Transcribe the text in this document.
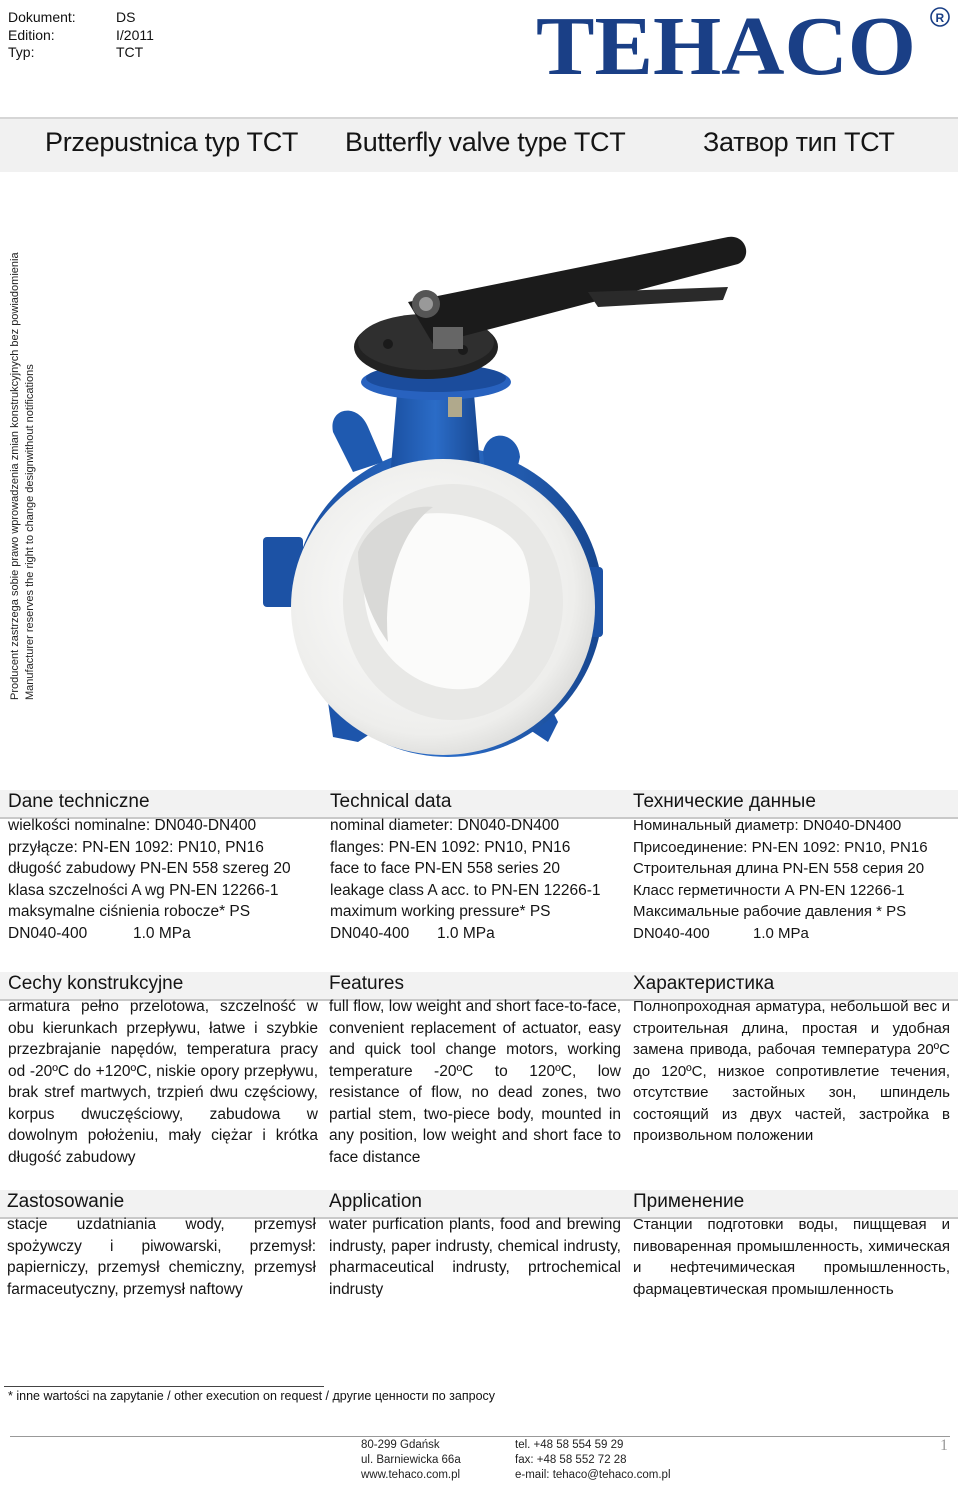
Dokument:	DS
Edition:	I/2011
Typ:	TCT	TEHACO R
Przepustnica typ TCT Butterfly valve type TCT	Затвор тип ТСТ
Producent zastrzega sobie prawo wprowadzenia zmian konstrukcyjnych bez powiadomienia Manufacturer reserves the right to change designwithout notifications
Dane techniczne
wielkości nominalne: DN040-DN400
przyłącze: PN-EN 1092: PN10, PN16
długość zabudowy PN-EN 558 szereg 20
klasa szczelności A wg PN-EN 12266-1
maksymalne ciśnienia robocze* PS
DN040-400	1.0 MPa
Technical data
nominal diameter: DN040-DN400
flanges: PN-EN 1092: PN10, PN16
face to face PN-EN 558 series 20
leakage class A acc. to PN-EN 12266-1
maximum working pressure* PS
DN040-400 1.0 MPa
Технические данные
Номинальный диаметр: DN040-DN400
Присоединение: PN-EN 1092: PN10, PN16
Строительная длина PN-EN 558 серия 20
Класс герметичности А PN-EN 12266-1
Максимальные рабочие давления * PS
DN040-400	1.0 MPa
Cechy konstrukcyjne
armatura pełno przelotowa, szczelność w obu kierunkach przepływu, łatwe i szybkie przezbrajanie napędów, temperatura pracy od -20ºC do +120ºC, niskie opory przepływu, brak stref martwych, trzpień dwu częściowy, korpus dwuczęściowy, zabudowa w dowolnym położeniu, mały ciężar i krótka długość zabudowy
Features
full flow, low weight and short face-to-face, convenient replacement of actuator, easy and quick tool change motors, working temperature -20ºC to 120ºC, low resistance of flow, no dead zones, two partial stem, two-piece body, mounted in any position, low weight and short face to face distance
Характеристика
Полнопроходная арматура, небольшой вес и строительная длина, простая и удобная замена привода, рабочая температура 20ºC до 120ºC, низкое сопротивлетие течения, отсутствие застойных зон, шпиндель состоящий из двух частей, застройка в произвольном положении
Zastosowanie
stacje uzdatniania wody, przemysł spożywczy i piwowarski, przemysł: papierniczy, przemysł chemiczny, przemysł farmaceutyczny, przemysł naftowy
Application
water purfication plants, food and brewing indrusty, paper indrusty, chemical indrusty, pharmaceutical indrusty, prtrochemical indrusty
Применение
Станции подготовки воды, пищщевая и пивоваренная промышленность, химическая и нефтечимическая промышленность, фармацевтическая промышленность
* inne wartości na zapytanie / other execution on request / другие ценности по запросу
80-299 Gdańsk
ul. Barniewicka 66a
www.tehaco.com.pl
tel. +48 58 554 59 29
fax: +48 58 552 72 28
e-mail: tehaco@tehaco.com.pl
1
